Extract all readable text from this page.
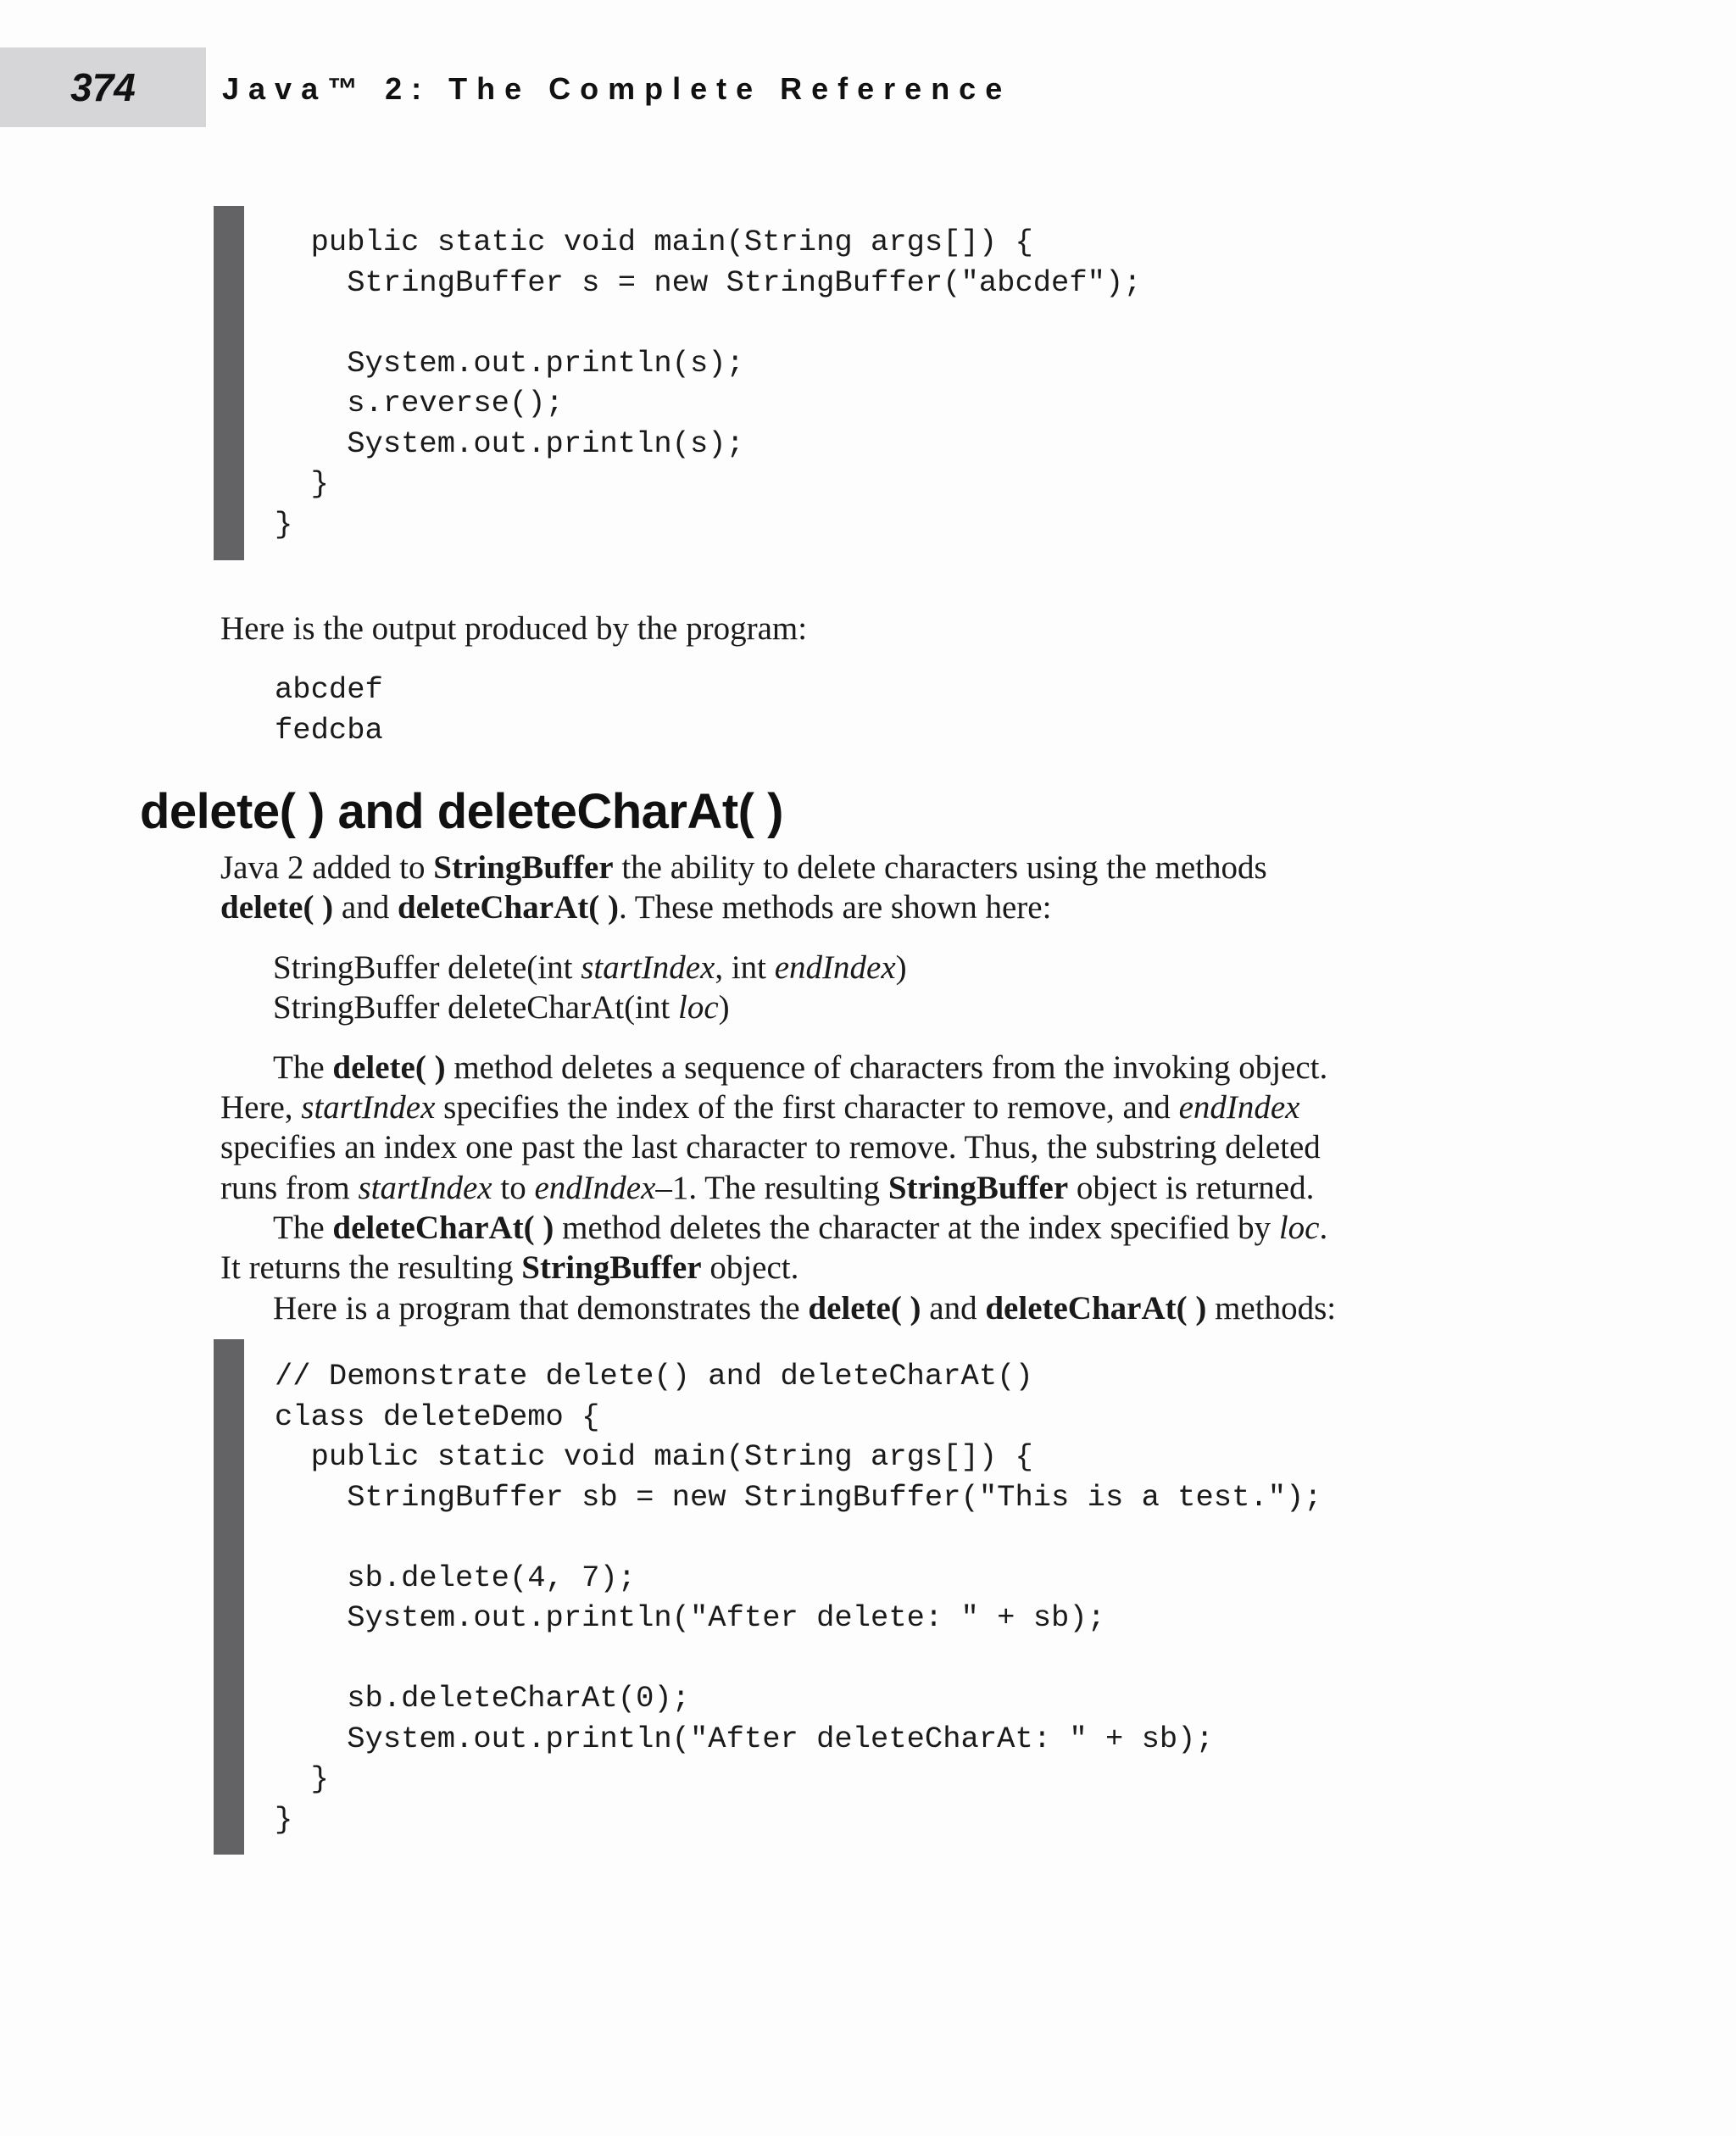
374	Java™ 2: The Complete Reference
public static void main(String args[]) {
StringBuffer s = new StringBuffer("abcdef");
System.out.println(s);
s.reverse();
System.out.println(s);
}
}
Here is the output produced by the program:
abcdef
fedcba
delete( ) and deleteCharAt( )
Java 2 added to StringBuffer the ability to delete characters using the methods
delete( ) and deleteCharAt( ). These methods are shown here:
StringBuffer delete(int startIndex, int endIndex)
StringBuffer deleteCharAt(int loc)
The delete( ) method deletes a sequence of characters from the invoking object.
Here, startIndex specifies the index of the first character to remove, and endIndex
specifies an index one past the last character to remove. Thus, the substring deleted
runs from startIndex to endIndex–1. The resulting StringBuffer object is returned.
The deleteCharAt( ) method deletes the character at the index specified by loc.
It returns the resulting StringBuffer object.
Here is a program that demonstrates the delete( ) and deleteCharAt( ) methods:
// Demonstrate delete() and deleteCharAt()
class deleteDemo {
public static void main(String args[]) {
StringBuffer sb = new StringBuffer("This is a test.");
sb.delete(4, 7);
System.out.println("After delete: " + sb);
sb.deleteCharAt(0);
System.out.println("After deleteCharAt: " + sb);
}
}
